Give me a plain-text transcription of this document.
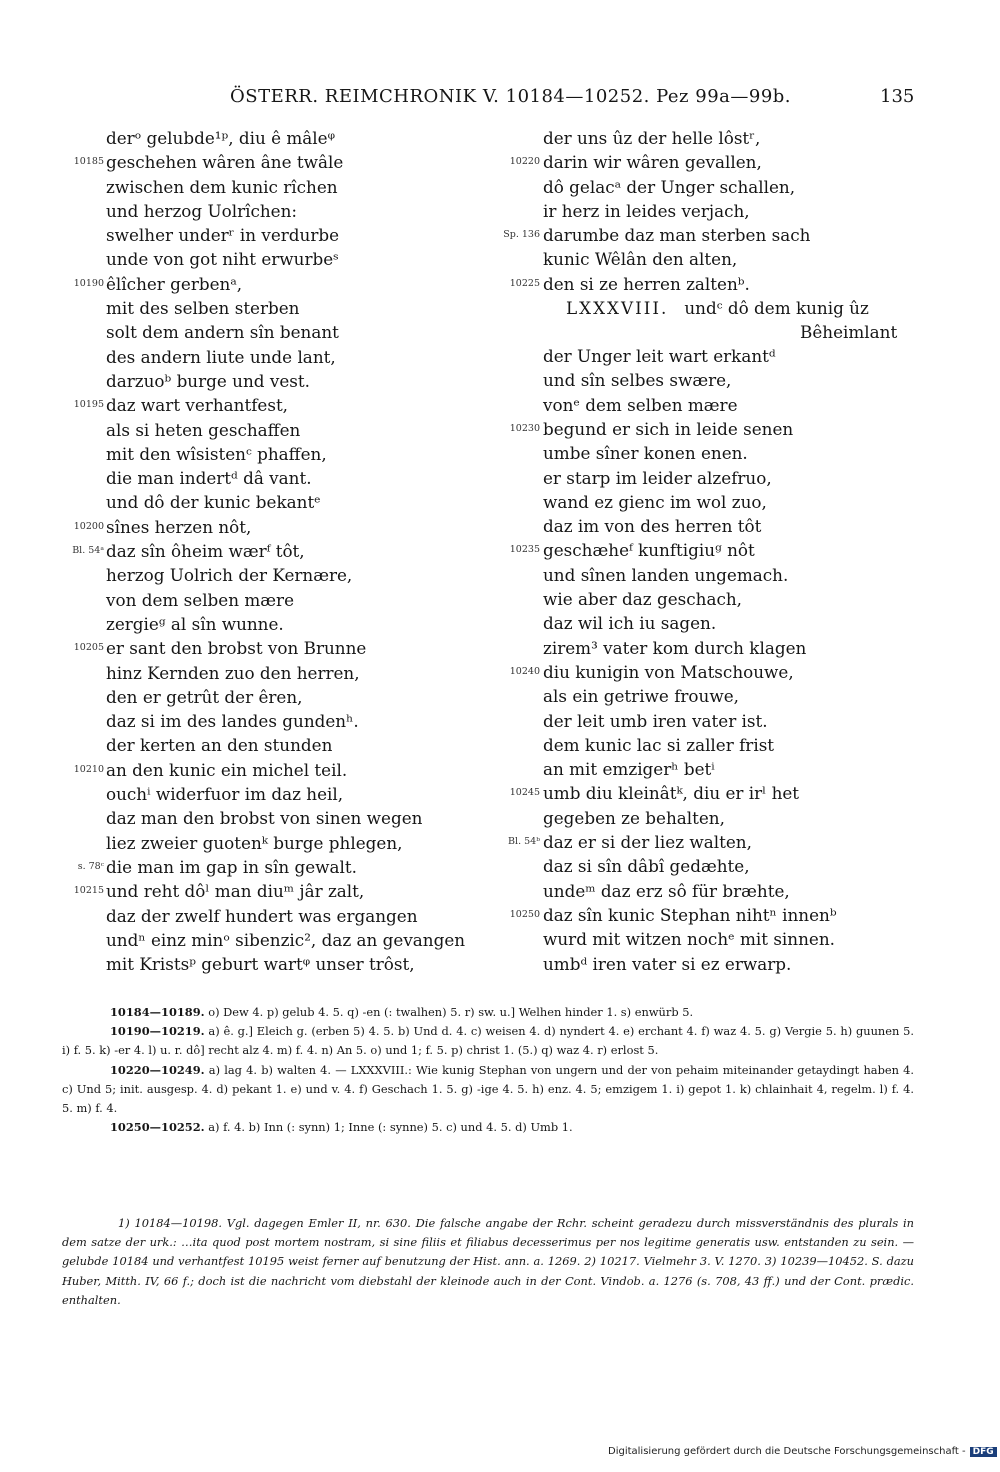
ÖSTERR. REIMCHRONIK V. 10184—10252. Pez 99a—99b.	135
derᵒ gelubde¹ᵖ, diu ê mâleᵠ
10185 geschehen wâren âne twâle
zwischen dem kunic rîchen
und herzog Uolrîchen:
swelher underʳ in verdurbe
unde von got niht erwurbeˢ
10190 êlîcher gerbenᵃ,
mit des selben sterben
solt dem andern sîn benant
des andern liute unde lant,
darzuoᵇ burge und vest.
10195 daz wart verhantfest,
als si heten geschaffen
mit den wîsistenᶜ phaffen,
die man indertᵈ dâ vant.
und dô der kunic bekantᵉ
10200 sînes herzen nôt,
Bl. 54ᵃ daz sîn ôheim wærᶠ tôt,
herzog Uolrich der Kernære,
von dem selben mære
zergieᵍ al sîn wunne.
10205 er sant den brobst von Brunne
hinz Kernden zuo den herren,
den er getrût der êren,
daz si im des landes gundenʰ.
der kerten an den stunden
10210 an den kunic ein michel teil.
ouchⁱ widerfuor im daz heil,
daz man den brobst von sinen wegen
liez zweier guotenᵏ burge phlegen,
s. 78ᶜ die man im gap in sîn gewalt.
10215 und reht dôˡ man diuᵐ jâr zalt,
daz der zwelf hundert was ergangen
undⁿ einz minᵒ sibenzic², daz an gevangen
mit Kristsᵖ geburt wartᵠ unser trôst,
der uns ûz der helle lôstʳ,
10220 darin wir wâren gevallen,
dô gelacᵃ der Unger schallen,
ir herz in leides verjach,
Sp. 136 darumbe daz man sterben sach
kunic Wêlân den alten,
10225 den si ze herren zaltenᵇ.
LXXXVIII. undᶜ dô dem kunig ûz
Bêheimlant
der Unger leit wart erkantᵈ
und sîn selbes swære,
vonᵉ dem selben mære
10230 begund er sich in leide senen
umbe sîner konen enen.
er starp im leider alzefruo,
wand ez gienc im wol zuo,
daz im von des herren tôt
10235 geschæheᶠ kunftigiuᵍ nôt
und sînen landen ungemach.
wie aber daz geschach,
daz wil ich iu sagen.
zirem³ vater kom durch klagen
10240 diu kunigin von Matschouwe,
als ein getriwe frouwe,
der leit umb iren vater ist.
dem kunic lac si zaller frist
an mit emzigerʰ betⁱ
10245 umb diu kleinâtᵏ, diu er irˡ het
gegeben ze behalten,
Bl. 54ᵇ daz er si der liez walten,
daz si sîn dâbî gedæhte,
undeᵐ daz erz sô für bræhte,
10250 daz sîn kunic Stephan nihtⁿ innenᵇ
wurd mit witzen nochᵉ mit sinnen.
umbᵈ iren vater si ez erwarp.

10184—10189. o) Dew 4. p) gelub 4. 5. q) -en (: twalhen) 5. r) sw. u.] Welhen hinder 1. s) enwürb 5.

10190—10219. a) ê. g.] Eleich g. (erben 5) 4. 5. b) Und d. 4. c) weisen 4. d) nyndert 4. e) erchant 4. f) waz 4. 5. g) Vergie 5. h) guunen 5. i) f. 5. k) -er 4. l) u. r. dô] recht alz 4. m) f. 4. n) An 5. o) und 1; f. 5. p) christ 1. (5.) q) waz 4. r) erlost 5.

10220—10249. a) lag 4. b) walten 4. — LXXXVIII.: Wie kunig Stephan von ungern und der von pehaim miteinander getaydingt haben 4. c) Und 5; init. ausgesp. 4. d) pekant 1. e) und v. 4. f) Geschach 1. 5. g) -ige 4. 5. h) enz. 4. 5; emzigem 1. i) gepot 1. k) chlainhait 4, regelm. l) f. 4. 5. m) f. 4.

10250—10252. a) f. 4. b) Inn (: synn) 1; Inne (: synne) 5. c) und 4. 5. d) Umb 1.

1) 10184—10198. Vgl. dagegen Emler II, nr. 630. Die falsche angabe der Rchr. scheint geradezu durch missverständnis des plurals in dem satze der urk.: …ita quod post mortem nostram, si sine filiis et filiabus decesserimus per nos legitime generatis usw. entstanden zu sein. — gelubde 10184 und verhantfest 10195 weist ferner auf benutzung der Hist. ann. a. 1269. 2) 10217. Vielmehr 3. V. 1270. 3) 10239—10452. S. dazu Huber, Mitth. IV, 66 f.; doch ist die nachricht vom diebstahl der kleinode auch in der Cont. Vindob. a. 1276 (s. 708, 43 ff.) und der Cont. prædic. enthalten.

Digitalisierung gefördert durch die Deutsche Forschungsgemeinschaft - DFG
